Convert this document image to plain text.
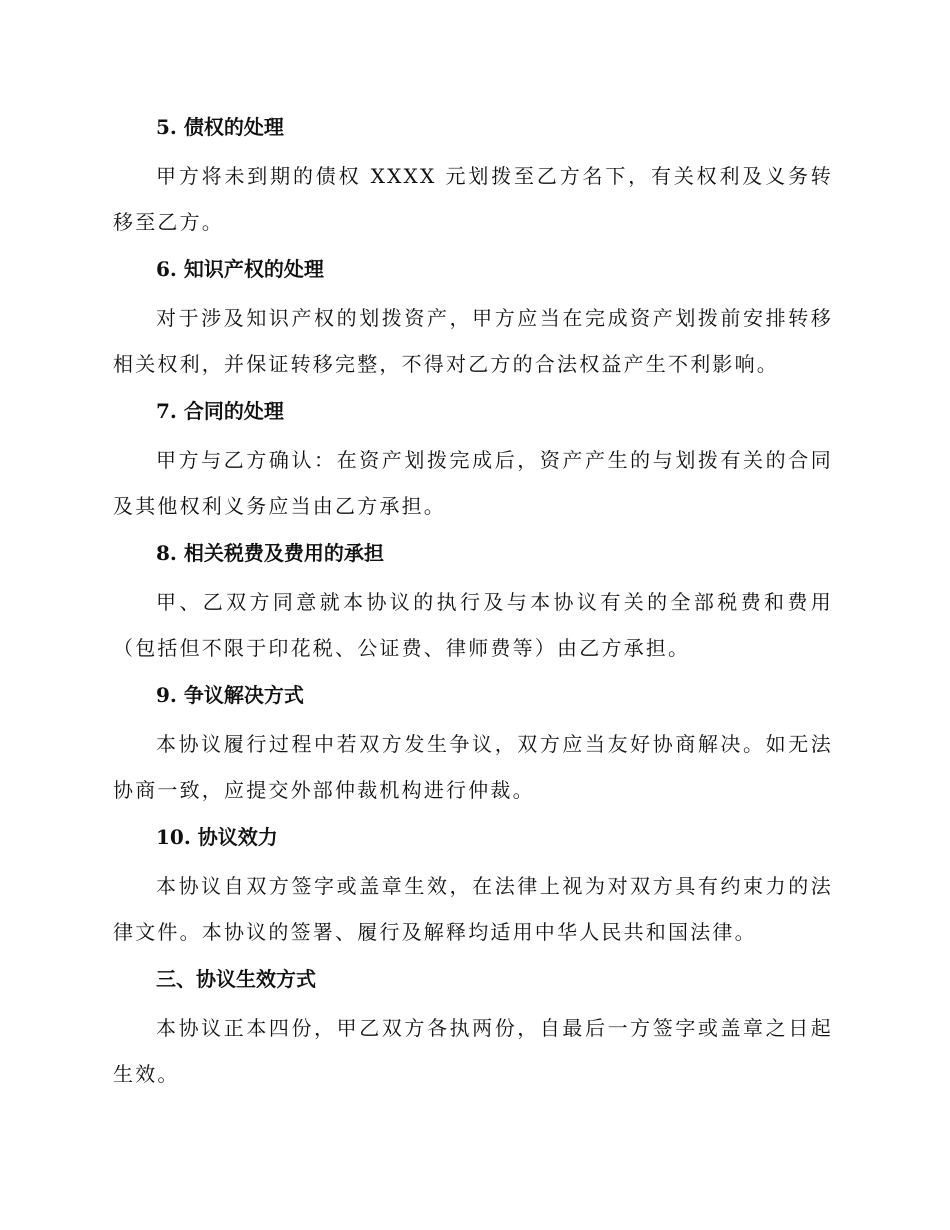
5. 债权的处理

甲方将未到期的债权 XXXX 元划拨至乙方名下，有关权利及义务转移至乙方。

6. 知识产权的处理

对于涉及知识产权的划拨资产，甲方应当在完成资产划拨前安排转移相关权利，并保证转移完整，不得对乙方的合法权益产生不利影响。

7. 合同的处理

甲方与乙方确认：在资产划拨完成后，资产产生的与划拨有关的合同及其他权利义务应当由乙方承担。

8. 相关税费及费用的承担

甲、乙双方同意就本协议的执行及与本协议有关的全部税费和费用（包括但不限于印花税、公证费、律师费等）由乙方承担。

9. 争议解决方式

本协议履行过程中若双方发生争议，双方应当友好协商解决。如无法协商一致，应提交外部仲裁机构进行仲裁。

10. 协议效力

本协议自双方签字或盖章生效，在法律上视为对双方具有约束力的法律文件。本协议的签署、履行及解释均适用中华人民共和国法律。

三、协议生效方式

本协议正本四份，甲乙双方各执两份，自最后一方签字或盖章之日起生效。
